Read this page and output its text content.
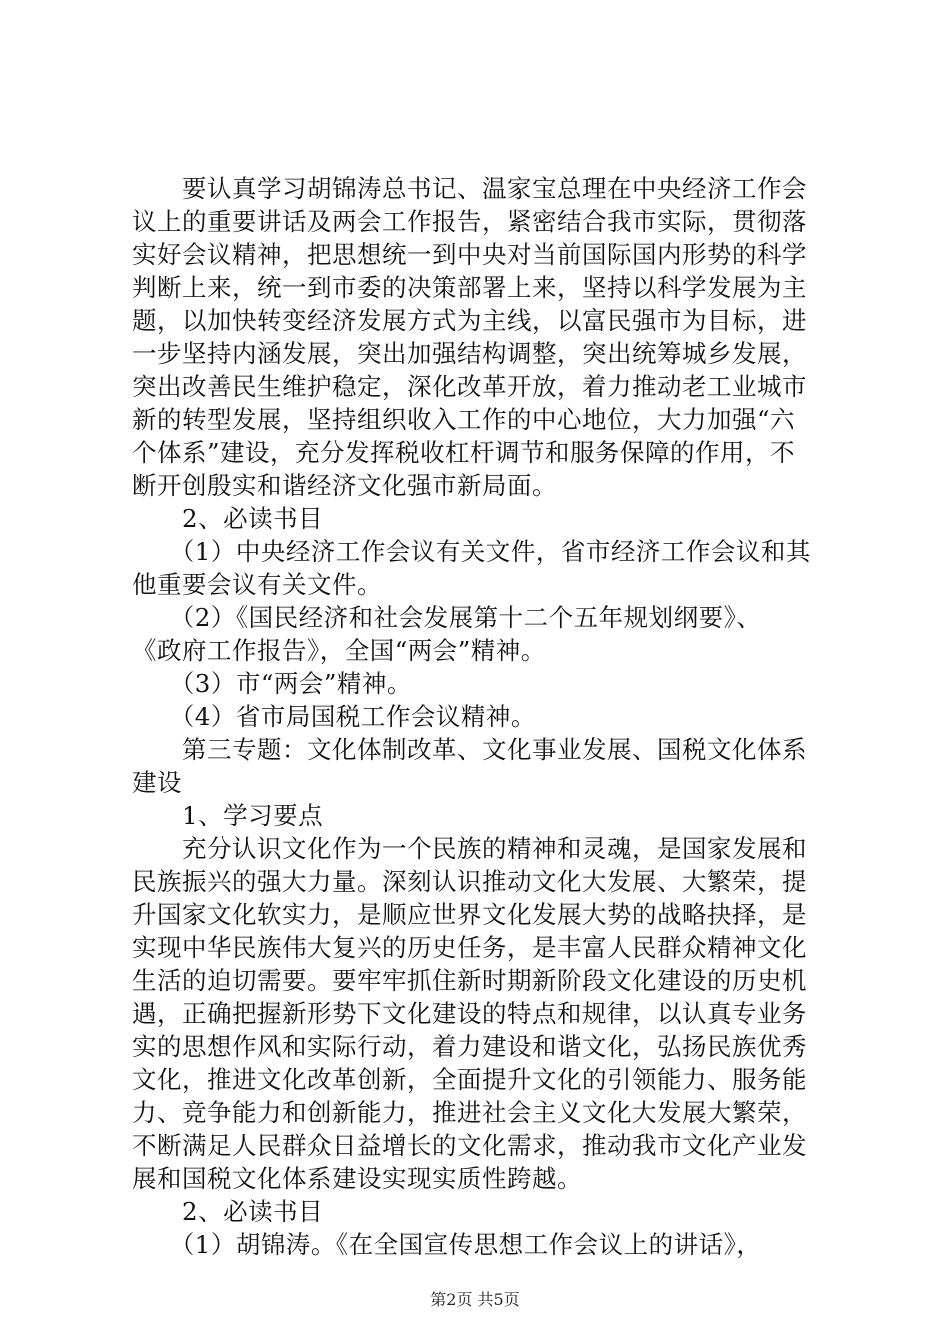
　　要认真学习胡锦涛总书记、温家宝总理在中央经济工作会
议上的重要讲话及两会工作报告，紧密结合我市实际，贯彻落
实好会议精神，把思想统一到中央对当前国际国内形势的科学
判断上来，统一到市委的决策部署上来，坚持以科学发展为主
题，以加快转变经济发展方式为主线，以富民强市为目标，进
一步坚持内涵发展，突出加强结构调整，突出统筹城乡发展，
突出改善民生维护稳定，深化改革开放，着力推动老工业城市
新的转型发展，坚持组织收入工作的中心地位，大力加强“六
个体系”建设，充分发挥税收杠杆调节和服务保障的作用，不
断开创殷实和谐经济文化强市新局面。
　　2、必读书目
　　（1）中央经济工作会议有关文件，省市经济工作会议和其
他重要会议有关文件。
　　（2）《国民经济和社会发展第十二个五年规划纲要》、
《政府工作报告》，全国“两会”精神。
　　（3）市“两会”精神。
　　（4）省市局国税工作会议精神。
　　第三专题：文化体制改革、文化事业发展、国税文化体系
建设
　　1、学习要点
　　充分认识文化作为一个民族的精神和灵魂，是国家发展和
民族振兴的强大力量。深刻认识推动文化大发展、大繁荣，提
升国家文化软实力，是顺应世界文化发展大势的战略抉择，是
实现中华民族伟大复兴的历史任务，是丰富人民群众精神文化
生活的迫切需要。要牢牢抓住新时期新阶段文化建设的历史机
遇，正确把握新形势下文化建设的特点和规律，以认真专业务
实的思想作风和实际行动，着力建设和谐文化，弘扬民族优秀
文化，推进文化改革创新，全面提升文化的引领能力、服务能
力、竞争能力和创新能力，推进社会主义文化大发展大繁荣，
不断满足人民群众日益增长的文化需求，推动我市文化产业发
展和国税文化体系建设实现实质性跨越。
　　2、必读书目
　　（1）胡锦涛。《在全国宣传思想工作会议上的讲话》，
第2页 共5页
